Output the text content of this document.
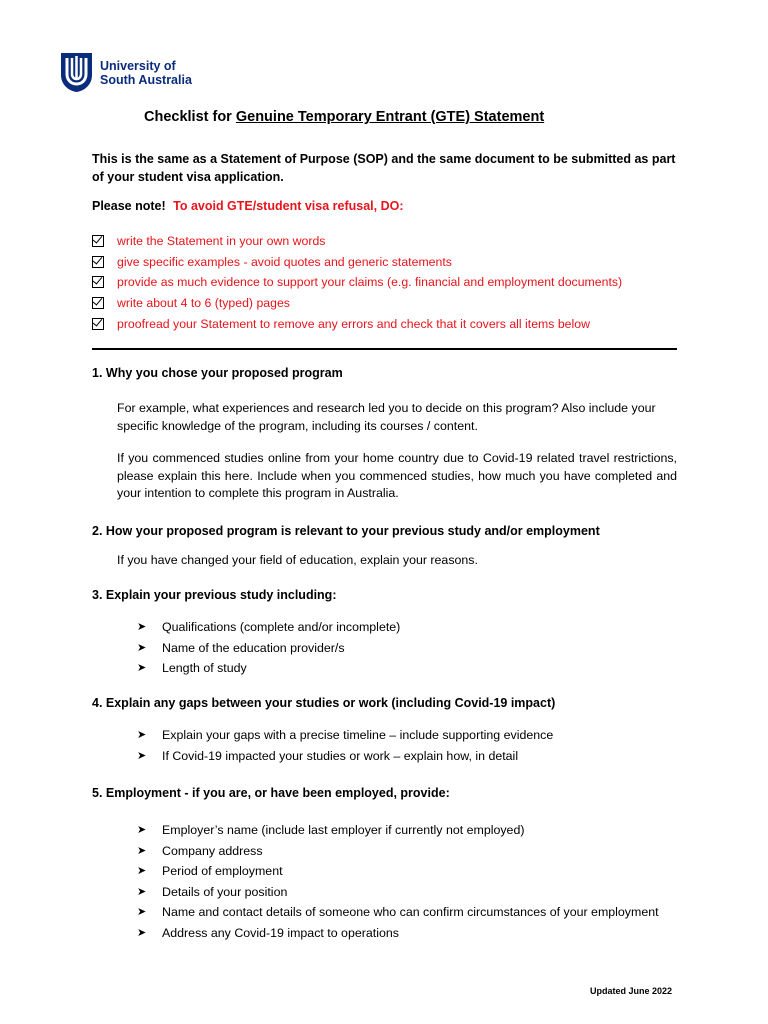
University of
South Australia
Checklist for Genuine Temporary Entrant (GTE) Statement
This is the same as a Statement of Purpose (SOP) and the same document to be submitted as part of your student visa application.
Please note! To avoid GTE/student visa refusal, DO:
write the Statement in your own words
give specific examples - avoid quotes and generic statements
provide as much evidence to support your claims (e.g. financial and employment documents)
write about 4 to 6 (typed) pages
proofread your Statement to remove any errors and check that it covers all items below
1. Why you chose your proposed program
For example, what experiences and research led you to decide on this program? Also include your specific knowledge of the program, including its courses / content.
If you commenced studies online from your home country due to Covid-19 related travel restrictions, please explain this here. Include when you commenced studies, how much you have completed and your intention to complete this program in Australia.
2. How your proposed program is relevant to your previous study and/or employment
If you have changed your field of education, explain your reasons.
3. Explain your previous study including:
➤	Qualifications (complete and/or incomplete)
➤	Name of the education provider/s
➤	Length of study
4. Explain any gaps between your studies or work (including Covid-19 impact)
➤	Explain your gaps with a precise timeline – include supporting evidence
➤	If Covid-19 impacted your studies or work – explain how, in detail
5. Employment - if you are, or have been employed, provide:
➤	Employer’s name (include last employer if currently not employed)
➤	Company address
➤	Period of employment
➤	Details of your position
➤	Name and contact details of someone who can confirm circumstances of your employment
➤	Address any Covid-19 impact to operations
Updated June 2022
